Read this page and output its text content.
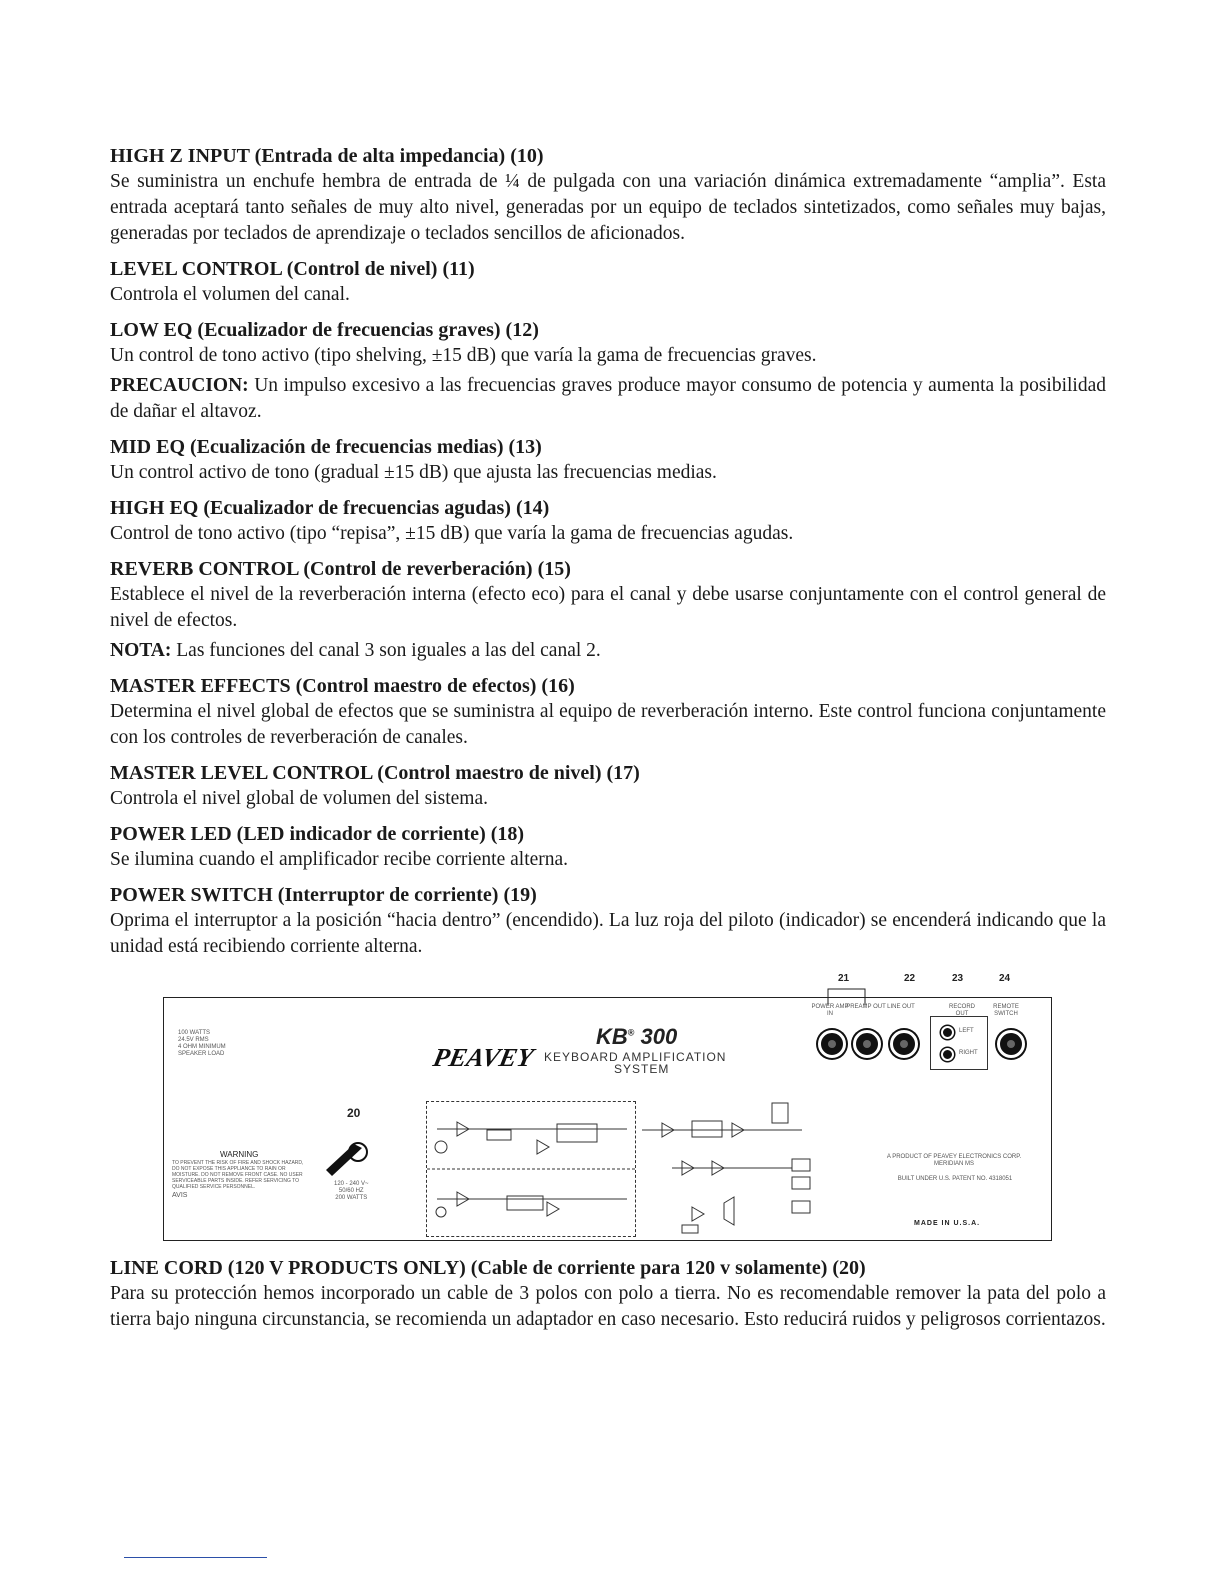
HIGH Z INPUT (Entrada de alta impedancia) (10)
Se suministra un enchufe hembra de entrada de ¼ de pulgada con una variación dinámica extremadamente “amplia”. Esta entrada aceptará tanto señales de muy alto nivel, generadas por un equipo de teclados sintetizados, como señales muy bajas, generadas por teclados de aprendizaje o teclados sencillos de aficionados.
LEVEL CONTROL (Control de nivel) (11)
Controla el volumen del canal.
LOW EQ (Ecualizador de frecuencias graves) (12)
Un control de tono activo (tipo shelving, ±15 dB) que varía la gama de frecuencias graves.
PRECAUCION: Un impulso excesivo a las frecuencias graves produce mayor consumo de potencia y aumenta la posibilidad de dañar el altavoz.
MID EQ (Ecualización de frecuencias medias) (13)
Un control activo de tono (gradual ±15 dB) que ajusta las frecuencias medias.
HIGH EQ (Ecualizador de frecuencias agudas) (14)
Control de tono activo (tipo “repisa”, ±15 dB) que varía la gama de frecuencias agudas.
REVERB CONTROL (Control de reverberación) (15)
Establece el nivel de la reverberación interna (efecto eco) para el canal y debe usarse conjuntamente con el control general de nivel de efectos.
NOTA: Las funciones del canal 3 son iguales a las del canal 2.
MASTER EFFECTS (Control maestro de efectos) (16)
Determina el nivel global de efectos que se suministra al equipo de reverberación interno. Este control funciona conjuntamente con los controles de reverberación de canales.
MASTER LEVEL CONTROL (Control maestro de nivel) (17)
Controla el nivel global de volumen del sistema.
POWER LED (LED indicador de corriente) (18)
Se ilumina cuando el amplificador recibe corriente alterna.
POWER SWITCH (Interruptor de corriente) (19)
Oprima el interruptor a la posición “hacia dentro” (encendido). La luz roja del piloto (indicador) se encenderá indicando que la unidad está recibiendo corriente alterna.
21	22	23	24
100 WATTS
24.5V RMS
4 OHM MINIMUM
SPEAKER LOAD	PEAVEY
KB® 300
KEYBOARD AMPLIFICATION
SYSTEM
POWER AMP IN
PREAMP OUT LINE OUT	RECORD OUT
REMOTE SWITCH
LEFT
RIGHT
20
120 - 240 V~
50/60 HZ
200 WATTS
WARNING
TO PREVENT THE RISK OF FIRE AND SHOCK HAZARD, DO NOT EXPOSE THIS APPLIANCE TO RAIN OR MOISTURE. DO NOT REMOVE FRONT CASE. NO USER SERVICEABLE PARTS INSIDE. REFER SERVICING TO QUALIFIED SERVICE PERSONNEL.
AVIS
A PRODUCT OF PEAVEY ELECTRONICS CORP.
MERIDIAN MS
BUILT UNDER U.S. PATENT NO. 4318051
MADE IN U.S.A.
LINE CORD (120 V PRODUCTS ONLY) (Cable de corriente para 120 v solamente) (20)
Para su protección hemos incorporado un cable de 3 polos con polo a tierra. No es recomendable remover la pata del polo a tierra bajo ninguna circunstancia, se recomienda un adaptador en caso necesario. Esto reducirá ruidos y peligrosos corrientazos.
